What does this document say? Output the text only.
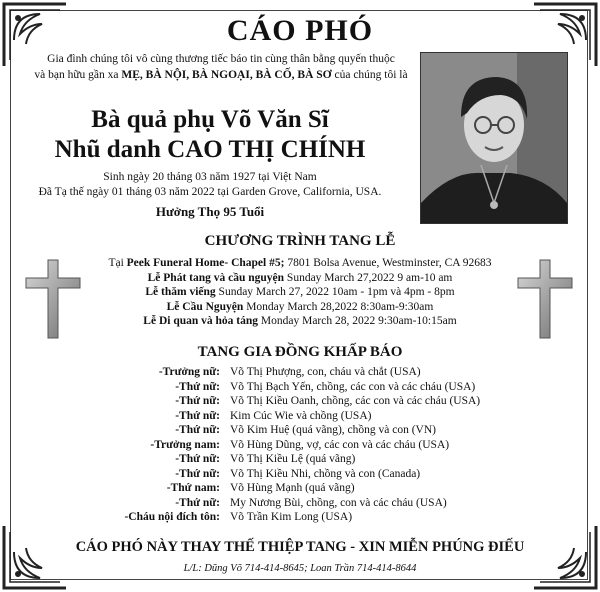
CÁO PHÓ
Gia đình chúng tôi vô cùng thương tiếc báo tin cùng thân bằng quyến thuộc
và bạn hữu gần xa MẸ, BÀ NỘI, BÀ NGOẠI, BÀ CỐ, BÀ SƠ của chúng tôi là
Bà quả phụ Võ Văn Sĩ
Nhũ danh CAO THỊ CHÍNH
Sinh ngày 20 tháng 03 năm 1927 tại Việt Nam
Đã Tạ thế ngày 01 tháng 03 năm 2022 tại Garden Grove, California, USA.
Hưởng Thọ 95 Tuổi
CHƯƠNG TRÌNH TANG LỄ
Tại Peek Funeral Home- Chapel #5; 7801 Bolsa Avenue, Westminster, CA 92683
Lễ Phát tang và cầu nguyện Sunday March 27,2022 9 am-10 am
Lễ thăm viếng Sunday March 27, 2022 10am - 1pm và 4pm - 8pm
Lễ Cầu Nguyện Monday March 28,2022 8:30am-9:30am
Lễ Di quan và hỏa táng Monday March 28, 2022 9:30am-10:15am
TANG GIA ĐỒNG KHẤP BÁO
-Trưởng nữ: Võ Thị Phượng, con, cháu và chắt (USA)
-Thứ nữ: Võ Thị Bạch Yến, chồng, các con và các cháu (USA)
-Thứ nữ: Võ Thị Kiều Oanh, chồng, các con và các cháu (USA)
-Thứ nữ: Kim Cúc Wie và chồng (USA)
-Thứ nữ: Võ Kim Huệ (quá vãng), chồng và con (VN)
-Trưởng nam: Võ Hùng Dũng, vợ, các con và các cháu (USA)
-Thứ nữ: Võ Thị Kiều Lệ (quá vãng)
-Thứ nữ: Võ Thị Kiều Nhi, chồng và con (Canada)
-Thứ nam: Võ Hùng Mạnh (quá vãng)
-Thứ nữ: My Nương Bùi, chồng, con và các cháu (USA)
-Cháu nội đích tôn: Võ Trần Kim Long (USA)
CÁO PHÓ NÀY THAY THẾ THIỆP TANG - XIN MIỄN PHÚNG ĐIẾU
L/L: Dũng Võ 714-414-8645; Loan Trần 714-414-8644
